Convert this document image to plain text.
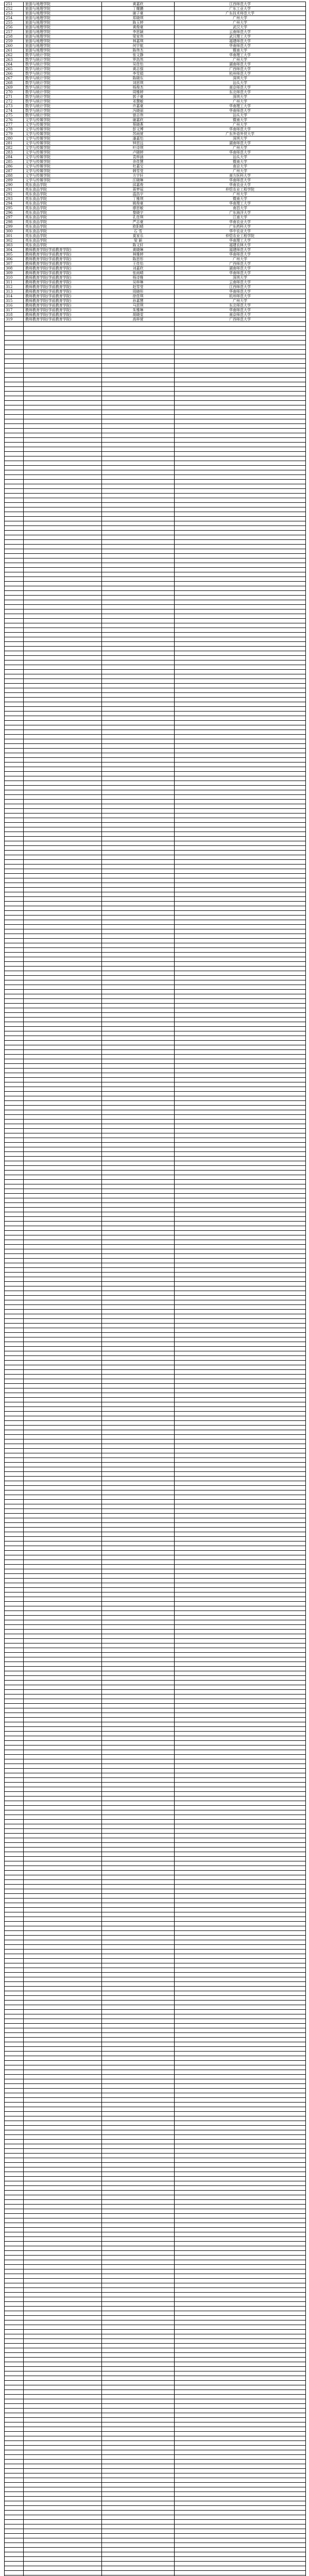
251	旅游与地理学院	黄嘉欣	江西师范大学
252	旅游与地理学院	丁耀鹏	广东工业大学
253	旅游与地理学院	谢子豪	广东技术师范大学
254	旅游与地理学院	郑晓琪	广州大学
255	旅游与地理学院	陈玉婷	广州大学
256	旅游与地理学院	黄俊豪	武汉大学
257	旅游与地理学院	李思颖	云南师范大学
258	旅游与地理学院	梁家伟	武汉理工大学
259	旅游与地理学院	林嘉琪	福建师范大学
260	旅游与地理学院	何宇航	华南师范大学
261	旅游与地理学院	陈伟杰	暨南大学
262	数学与统计学院	张文静	华南理工大学
263	数学与统计学院	罗浩然	广州大学
264	数学与统计学院	吴佳怡	湖南师范大学
265	数学与统计学院	黄志强	广西师范大学
266	数学与统计学院	李雪娟	杭州师范大学
267	数学与统计学院	陈晓东	深圳大学
268	数学与统计学院	刘思琪	汕头大学
269	数学与统计学院	杨俊杰	南京师范大学
270	数学与统计学院	周雅婷	东北师范大学
271	数学与统计学院	郭子豪	深圳大学
272	数学与统计学院	邓慧敏	广州大学
273	数学与统计学院	许嘉豪	华南理工大学
274	数学与统计学院	冯晓丽	华南师范大学
275	数学与统计学院	曾志伟	汕头大学
276	文学与传媒学院	谢嘉欣	暨南大学
277	文学与传媒学院	蔡晓燕	广州大学
278	文学与传媒学院	彭文博	华南师范大学
279	文学与传媒学院	苏雨萱	广东外语外贸大学
280	文学与传媒学院	潘嘉怡	深圳大学
281	文学与传媒学院	钟思远	湖南师范大学
282	文学与传媒学院	叶诗琪	广州大学
283	文学与传媒学院	卢晓婷	华南师范大学
284	文学与传媒学院	袁梓涵	汕头大学
285	文学与传媒学院	余佳慧	暨南大学
286	文学与传媒学院	杜嘉宝	南京大学
287	文学与传媒学院	韩雪莹	广州大学
288	文学与传媒学院	方宇轩	南方医科大学
289	文学与传媒学院	汪晓琳	华南师范大学
290	英东食品学院	邱嘉俊	华南农业大学
291	英东食品学院	蒋梦瑶	仲恺农业工程学院
292	英东食品学院	温浩宇	广州大学
293	英东食品学院	丁雅琪	暨南大学
294	英东食品学院	姚俊豪	华南理工大学
295	英东食品学院	廖思敏	南昌大学
296	英东食品学院	黎晓宇	广东海洋大学
297	英东食品学院	孔佳琪	江南大学
298	英东食品学院	严志豪	华南农业大学
299	英东食品学院	欧阳晴	广东药科大学
300	英东食品学院	石 雪	华中农业大学
301	英东食品学院	莫家乐	仲恺农业工程学院
302	英东食品学院	梁 颖	华南理工大学
303	英东食品学院	陈文轩	福建农林大学
304	教师教育学院(学前教育学院)	黄晓琳	福建师范大学
305	教师教育学院(学前教育学院)	林雅婷	华南师范大学
306	教师教育学院(学前教育学院)	陈思彤	广州大学
307	教师教育学院(学前教育学院)	王佳怡	广西师范大学
308	教师教育学院(学前教育学院)	刘嘉欣	湖南师范大学
309	教师教育学院(学前教育学院)	张雨晴	华南师范大学
310	教师教育学院(学前教育学院)	杨诗雅	深圳大学
311	教师教育学院(学前教育学院)	吴梓琳	云南师范大学
312	教师教育学院(学前教育学院)	赵雪莹	江西师范大学
313	教师教育学院(学前教育学院)	周晓彤	华南师范大学
314	教师教育学院(学前教育学院)	徐佳琪	杭州师范大学
315	教师教育学院(学前教育学院)	孙嘉慧	广州大学
316	教师教育学院(学前教育学院)	马思琪	东北师范大学
317	教师教育学院(学前教育学院)	朱雅琳	华南师范大学
318	教师教育学院(学前教育学院)	胡晓雯	南京师范大学
319	教师教育学院(学前教育学院)	高梓萱	广西师范大学
